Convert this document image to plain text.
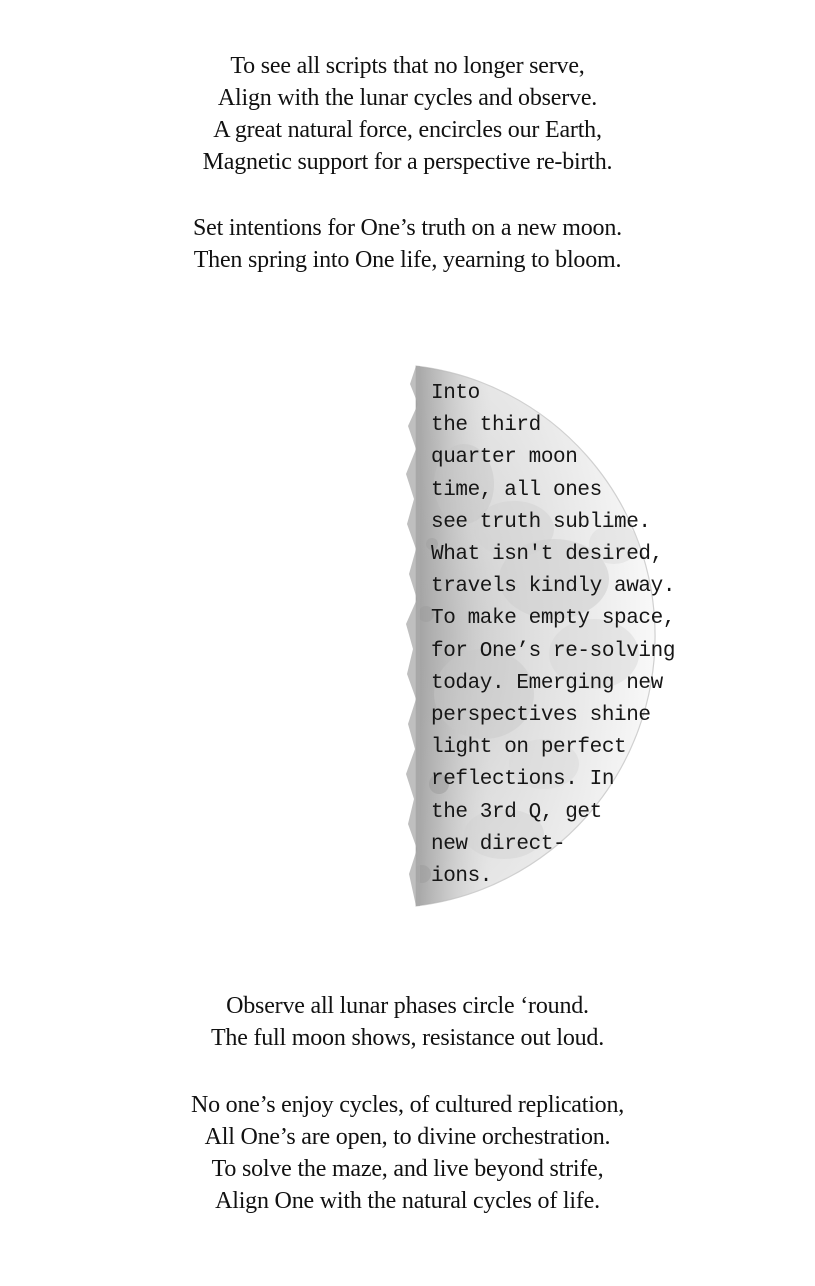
To see all scripts that no longer serve,
Align with the lunar cycles and observe.
A great natural force, encircles our Earth,
Magnetic support for a perspective re-birth.
Set intentions for One’s truth on a new moon.
Then spring into One life, yearning to bloom.
Into
the third
quarter moon
time, all ones
see truth sublime.
What isn't desired,
travels kindly away.
To make empty space,
for One’s re-solving
today. Emerging new
perspectives shine
light on perfect
reflections. In
the 3rd Q, get
new direct-
ions.
Observe all lunar phases circle ‘round.
The full moon shows, resistance out loud.
No one’s enjoy cycles, of cultured replication,
All One’s are open, to divine orchestration.
To solve the maze, and live beyond strife,
Align One with the natural cycles of life.
